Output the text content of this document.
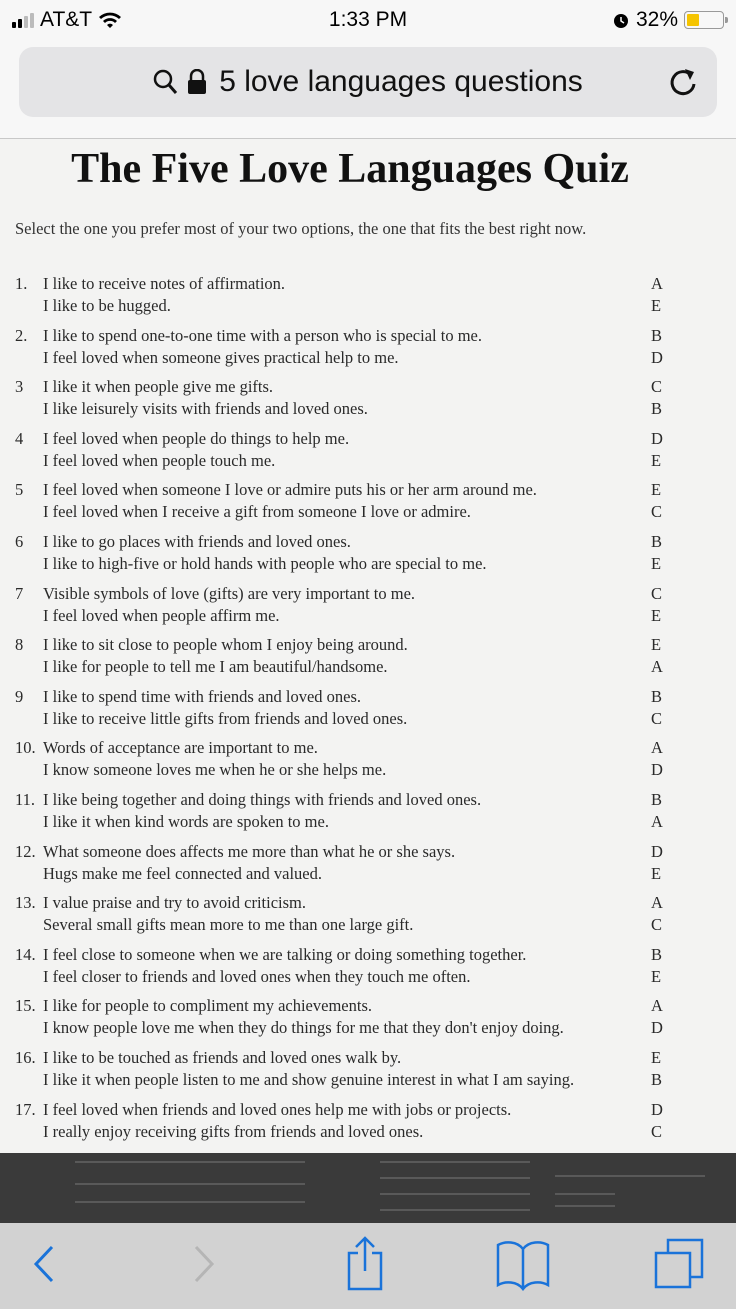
AT&T	1:33 PM	32%
5 love languages questions
The Five Love Languages Quiz
Select the one you prefer most of your two options, the one that fits the best right now.
1. I like to receive notes of affirmation.	A
I like to be hugged.	E
2. I like to spend one-to-one time with a person who is special to me.	B
I feel loved when someone gives practical help to me.	D
3 I like it when people give me gifts.	C
I like leisurely visits with friends and loved ones.	B
4 I feel loved when people do things to help me.	D
I feel loved when people touch me.	E
5 I feel loved when someone I love or admire puts his or her arm around me.	E
I feel loved when I receive a gift from someone I love or admire.	C
6 I like to go places with friends and loved ones.	B
I like to high-five or hold hands with people who are special to me.	E
7 Visible symbols of love (gifts) are very important to me.	C
I feel loved when people affirm me.	E
8 I like to sit close to people whom I enjoy being around.	E
I like for people to tell me I am beautiful/handsome.	A
9 I like to spend time with friends and loved ones.	B
I like to receive little gifts from friends and loved ones.	C
10. Words of acceptance are important to me.	A
I know someone loves me when he or she helps me.	D
11. I like being together and doing things with friends and loved ones.	B
I like it when kind words are spoken to me.	A
12. What someone does affects me more than what he or she says.	D
Hugs make me feel connected and valued.	E
13. I value praise and try to avoid criticism.	A
Several small gifts mean more to me than one large gift.	C
14. I feel close to someone when we are talking or doing something together.	B
I feel closer to friends and loved ones when they touch me often.	E
15. I like for people to compliment my achievements.	A
I know people love me when they do things for me that they don't enjoy doing.	D
16. I like to be touched as friends and loved ones walk by.	E
I like it when people listen to me and show genuine interest in what I am saying.	B
17. I feel loved when friends and loved ones help me with jobs or projects.	D
I really enjoy receiving gifts from friends and loved ones.	C
